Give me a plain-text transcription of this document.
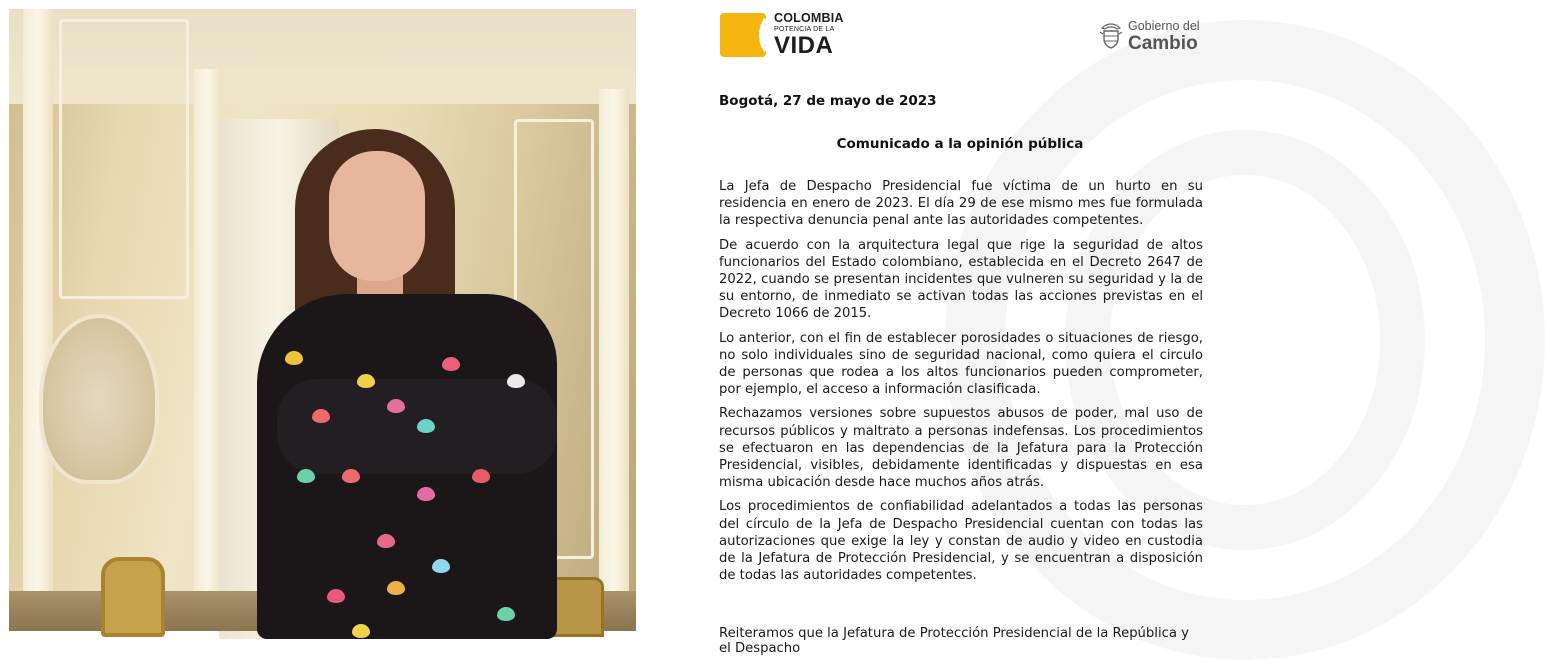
COLOMBIA
POTENCIA DE LA
VIDA
Gobierno del
Cambio
Bogotá, 27 de mayo de 2023
Comunicado a la opinión pública

La Jefa de Despacho Presidencial fue víctima de un hurto en su residencia en enero de 2023. El día 29 de ese mismo mes fue formulada la respectiva denuncia penal ante las autoridades competentes.

De acuerdo con la arquitectura legal que rige la seguridad de altos funcionarios del Estado colombiano, establecida en el Decreto 2647 de 2022, cuando se presentan incidentes que vulneren su seguridad y la de su entorno, de inmediato se activan todas las acciones previstas en el Decreto 1066 de 2015.

Lo anterior, con el fin de establecer porosidades o situaciones de riesgo, no solo individuales sino de seguridad nacional, como quiera el circulo de personas que rodea a los altos funcionarios pueden comprometer, por ejemplo, el acceso a información clasificada.

Rechazamos versiones sobre supuestos abusos de poder, mal uso de recursos públicos y maltrato a personas indefensas. Los procedimientos se efectuaron en las dependencias de la Jefatura para la Protección Presidencial, visibles, debidamente identificadas y dispuestas en esa misma ubicación desde hace muchos años atrás.

Los procedimientos de confiabilidad adelantados a todas las personas del círculo de la Jefa de Despacho Presidencial cuentan con todas las autorizaciones que exige la ley y constan de audio y video en custodia de la Jefatura de Protección Presidencial, y se encuentran a disposición de todas las autoridades competentes.

Reiteramos que la Jefatura de Protección Presidencial de la República y el Despacho
